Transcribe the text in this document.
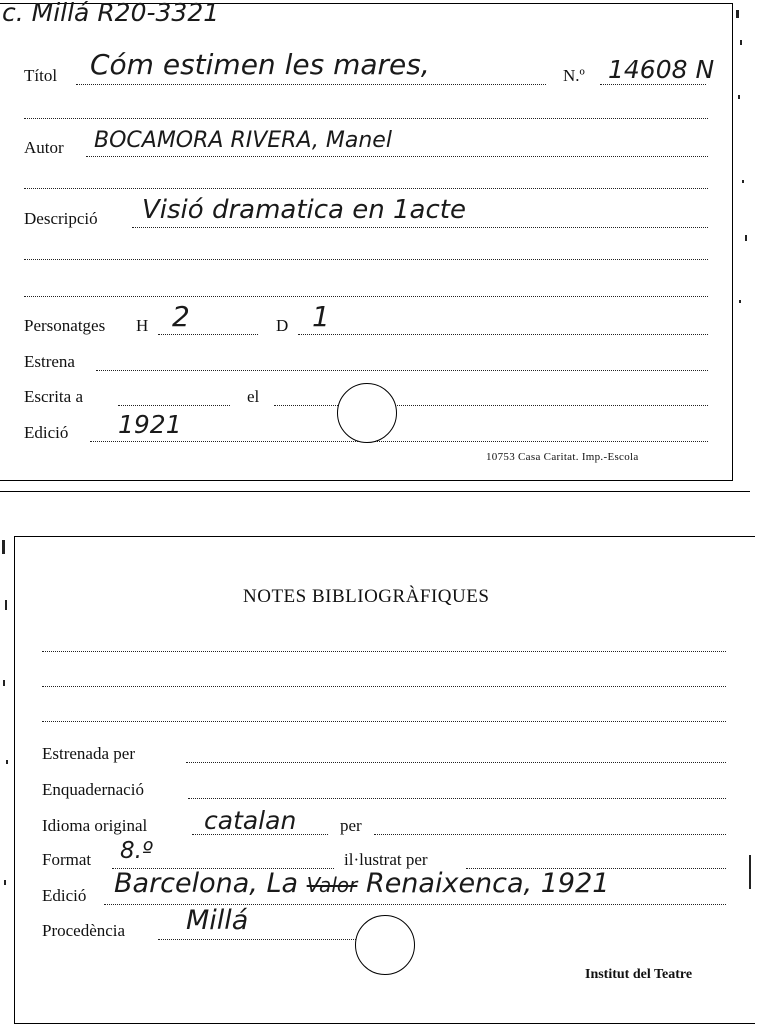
c. Millá R20-3321
Títol Cóm estimen les mares,	N.º 14608 N
Autor BOCAMORA RIVERA, Manel
Descripció Visió dramatica en 1acte
Personatges H 2	D 1
Estrena
Escrita a	el
Edició 1921
10753 Casa Caritat. Imp.-Escola
NOTES BIBLIOGRÀFIQUES
Estrenada per
Enquadernació
Idioma original catalan	per
Format 8.º	il·lustrat per
Edició Barcelona, La Valor Renaixenca, 1921
Procedència Millá
Institut del Teatre
